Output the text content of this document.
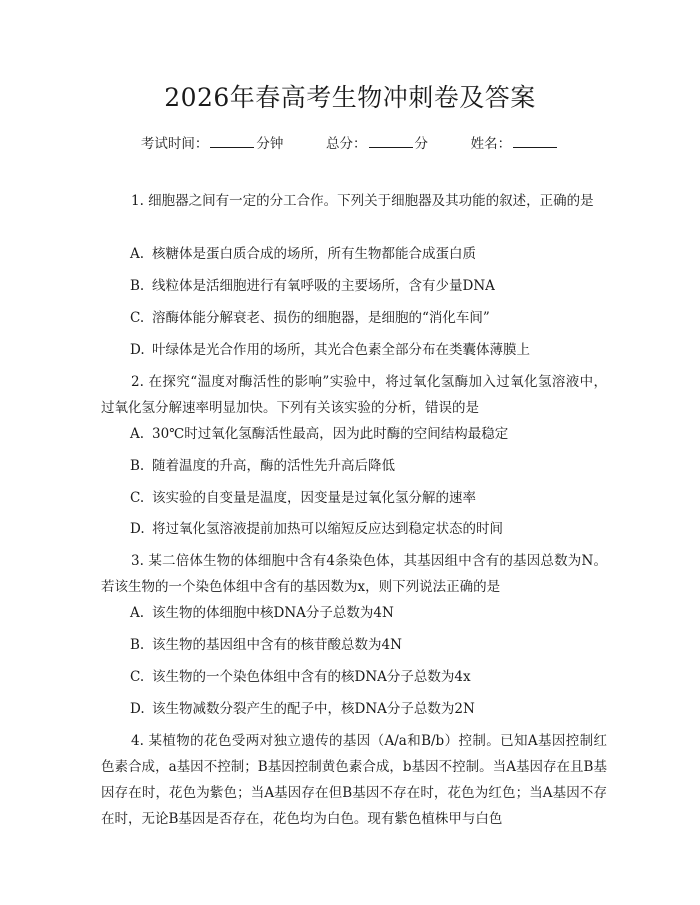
2026年春高考生物冲刺卷及答案
考试时间：	分钟	总分：	分	姓名：

1. 细胞器之间有一定的分工合作。下列关于细胞器及其功能的叙述，正确的是

A. 核糖体是蛋白质合成的场所，所有生物都能合成蛋白质
B. 线粒体是活细胞进行有氧呼吸的主要场所，含有少量DNA
C. 溶酶体能分解衰老、损伤的细胞器，是细胞的“消化车间”
D. 叶绿体是光合作用的场所，其光合色素全部分布在类囊体薄膜上

2. 在探究“温度对酶活性的影响”实验中，将过氧化氢酶加入过氧化氢溶液中，过氧化氢分解速率明显加快。下列有关该实验的分析，错误的是

A. 30℃时过氧化氢酶活性最高，因为此时酶的空间结构最稳定
B. 随着温度的升高，酶的活性先升高后降低
C. 该实验的自变量是温度，因变量是过氧化氢分解的速率
D. 将过氧化氢溶液提前加热可以缩短反应达到稳定状态的时间

3. 某二倍体生物的体细胞中含有4条染色体，其基因组中含有的基因总数为N。若该生物的一个染色体组中含有的基因数为x，则下列说法正确的是

A. 该生物的体细胞中核DNA分子总数为4N
B. 该生物的基因组中含有的核苷酸总数为4N
C. 该生物的一个染色体组中含有的核DNA分子总数为4x
D. 该生物减数分裂产生的配子中，核DNA分子总数为2N

4. 某植物的花色受两对独立遗传的基因（A/a和B/b）控制。已知A基因控制红色素合成，a基因不控制；B基因控制黄色素合成，b基因不控制。当A基因存在且B基因存在时，花色为紫色；当A基因存在但B基因不存在时，花色为红色；当A基因不存在时，无论B基因是否存在，花色均为白色。现有紫色植株甲与白色
